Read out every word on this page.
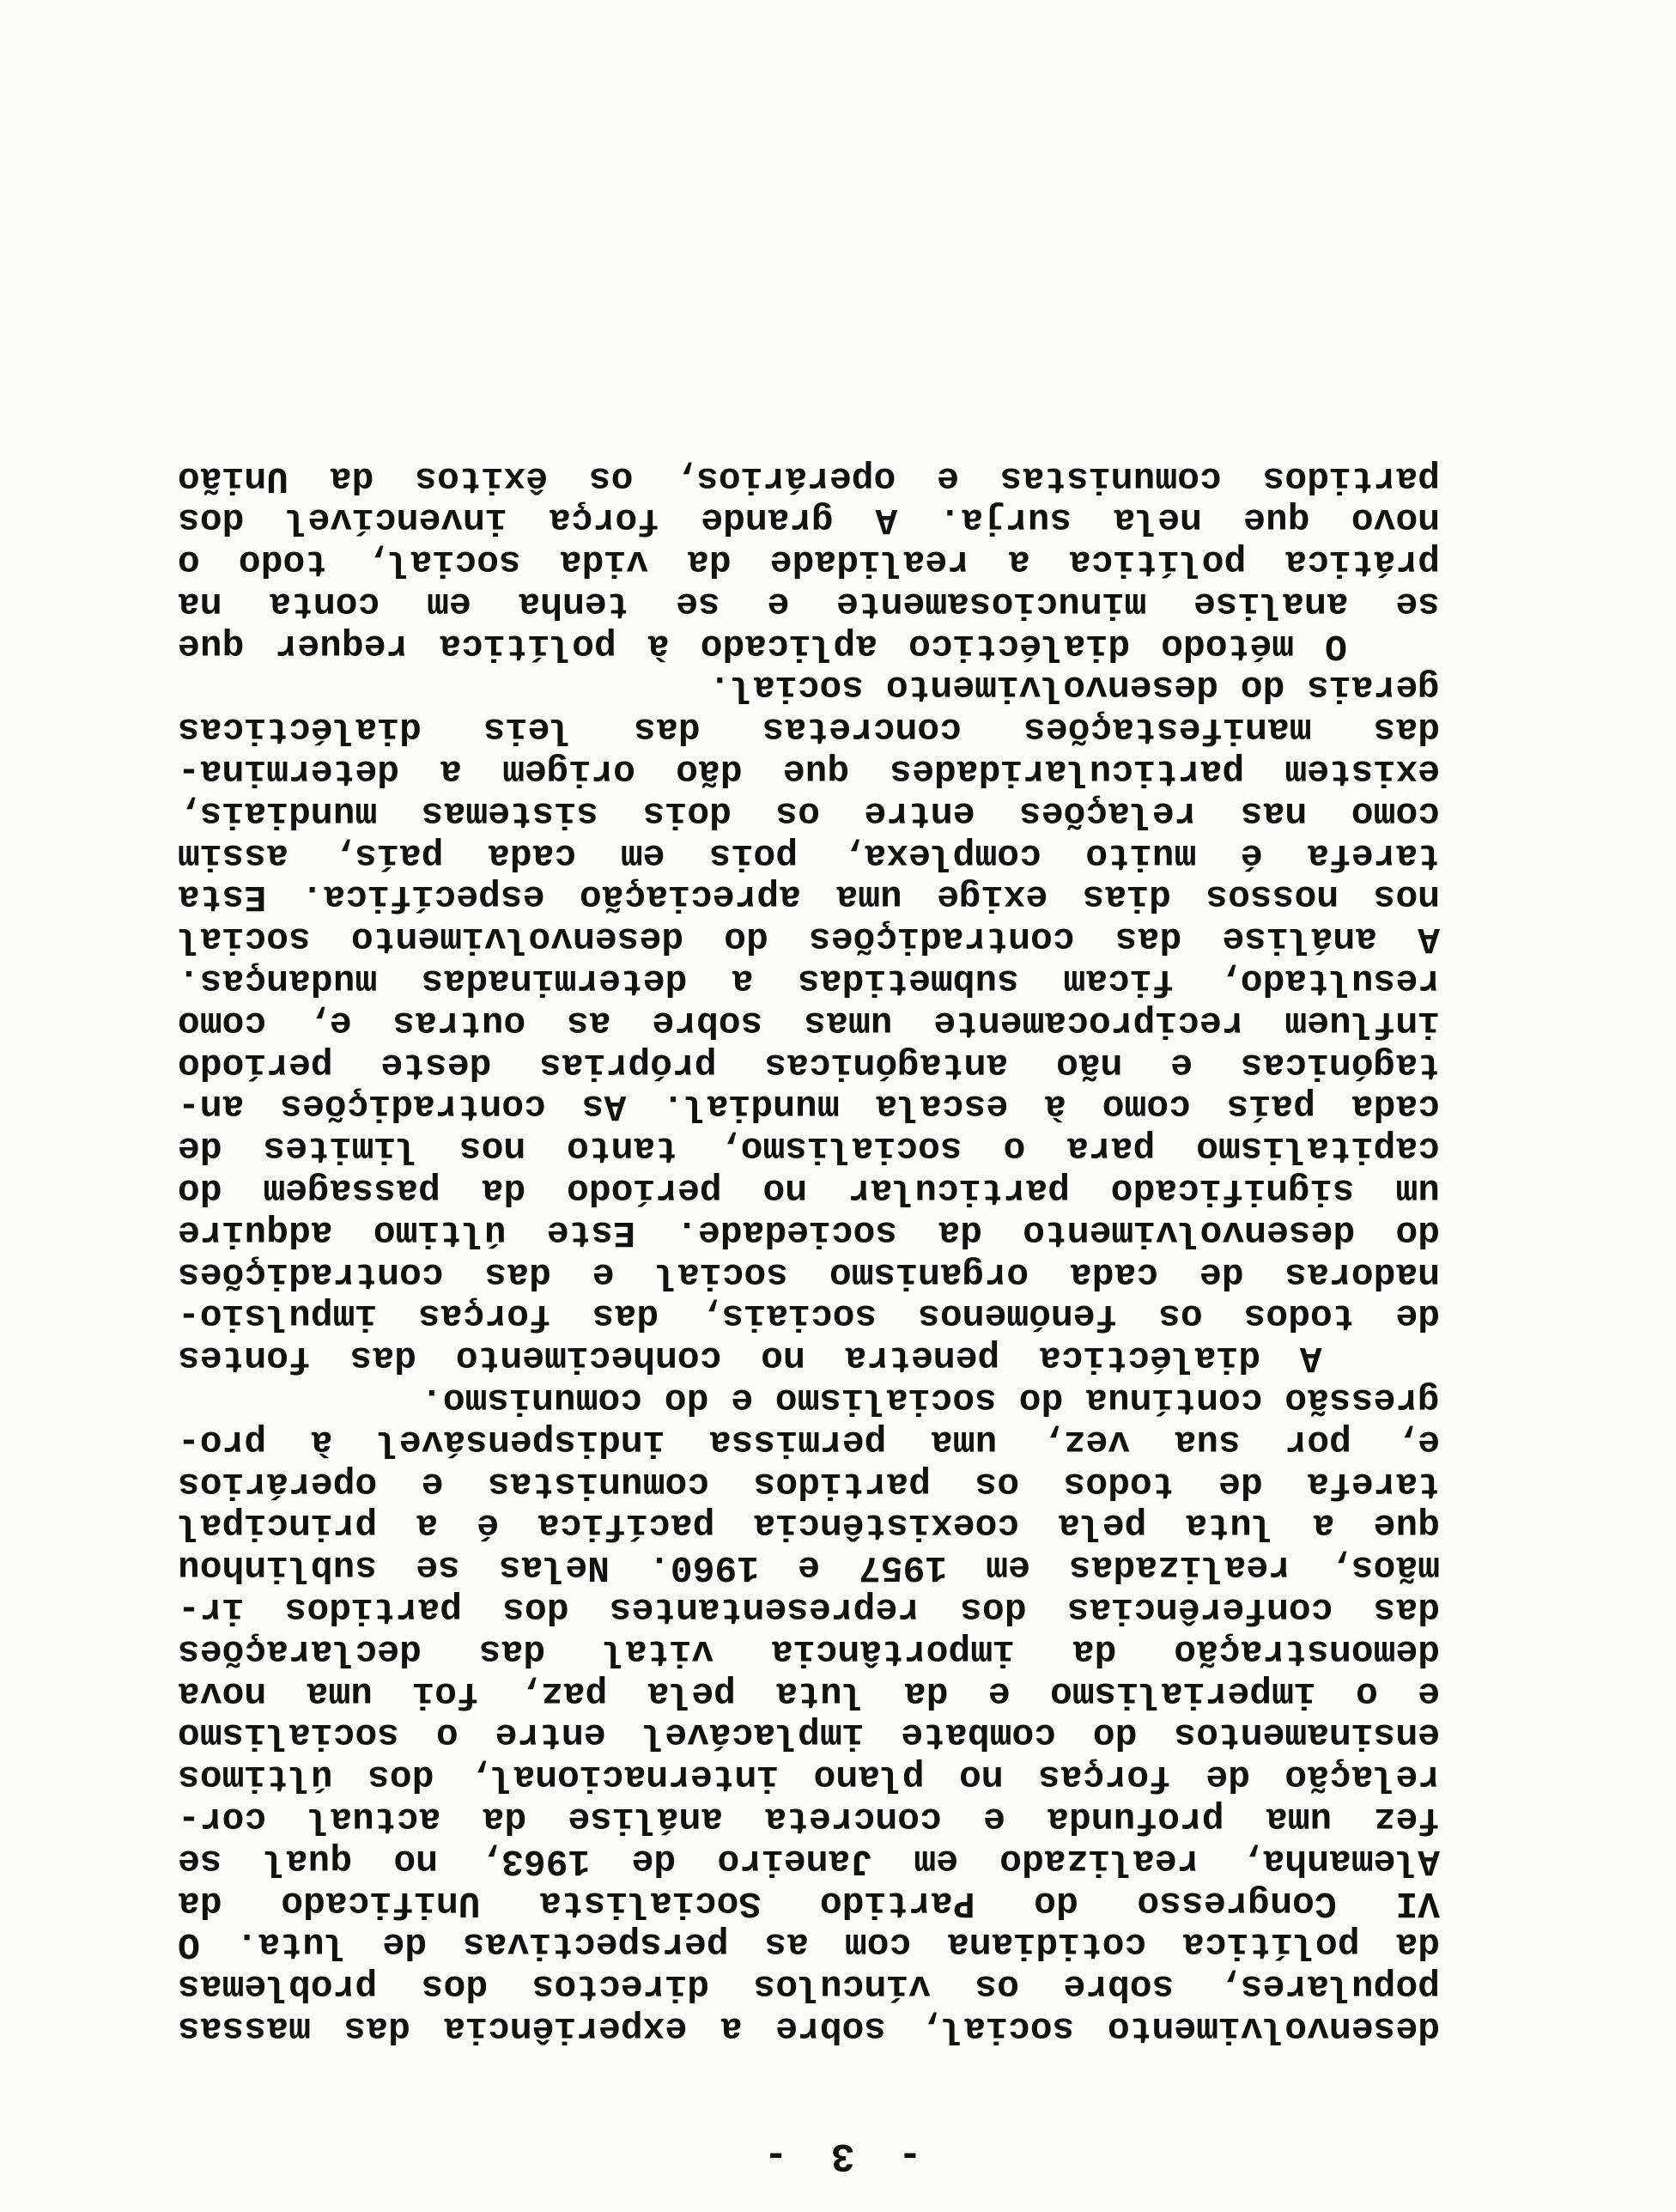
- 3 -
desenvolvimento social, sobre a experiência das massas
populares, sobre os vínculos directos dos problemas
da política cotidiana com as perspectivas de luta. O
VI Congresso do Partido Socialista Unificado da
Alemanha, realizado em Janeiro de 1963, no qual se
fez uma profunda e concreta análise da actual cor-
relação de forças no plano internacional, dos últimos
ensinamentos do combate implacável entre o socialismo
e o imperialismo e da luta pela paz, foi uma nova
demonstração da importância vital das declarações
das conferências dos representantes dos partidos ir-
mãos, realizadas em 1957 e 1960. Nelas se sublinhou
que a luta pela coexistência pacífica é a principal
tarefa de todos os partidos comunistas e operários
e, por sua vez, uma permissa indispensável à pro-
gressão contínua do socialismo e do comunismo.
A dialéctica penetra no conhecimento das fontes
de todos os fenómenos sociais, das forças impulsio-
nadoras de cada organismo social e das contradições
do desenvolvimento da sociedade. Este último adquire
um significado particular no período da passagem do
capitalismo para o socialismo, tanto nos limites de
cada país como à escala mundial. As contradições an-
tagónicas e não antagónicas próprias deste período
influem reciprocamente umas sobre as outras e, como
resultado, ficam submetidas a determinadas mudanças.
A análise das contradições do desenvolvimento social
nos nossos dias exige uma apreciação específica. Esta
tarefa é muito complexa, pois em cada país, assim
como nas relações entre os dois sistemas mundiais,
existem particularidades que dão origem a determina-
das manifestações concretas das leis dialécticas
gerais do desenvolvimento social.
O método dialéctico aplicado à política requer que
se analise minuciosamente e se tenha em conta na
prática política a realidade da vida social, todo o
novo que nela surja. A grande força invencível dos
partidos comunistas e operários, os êxitos da União
